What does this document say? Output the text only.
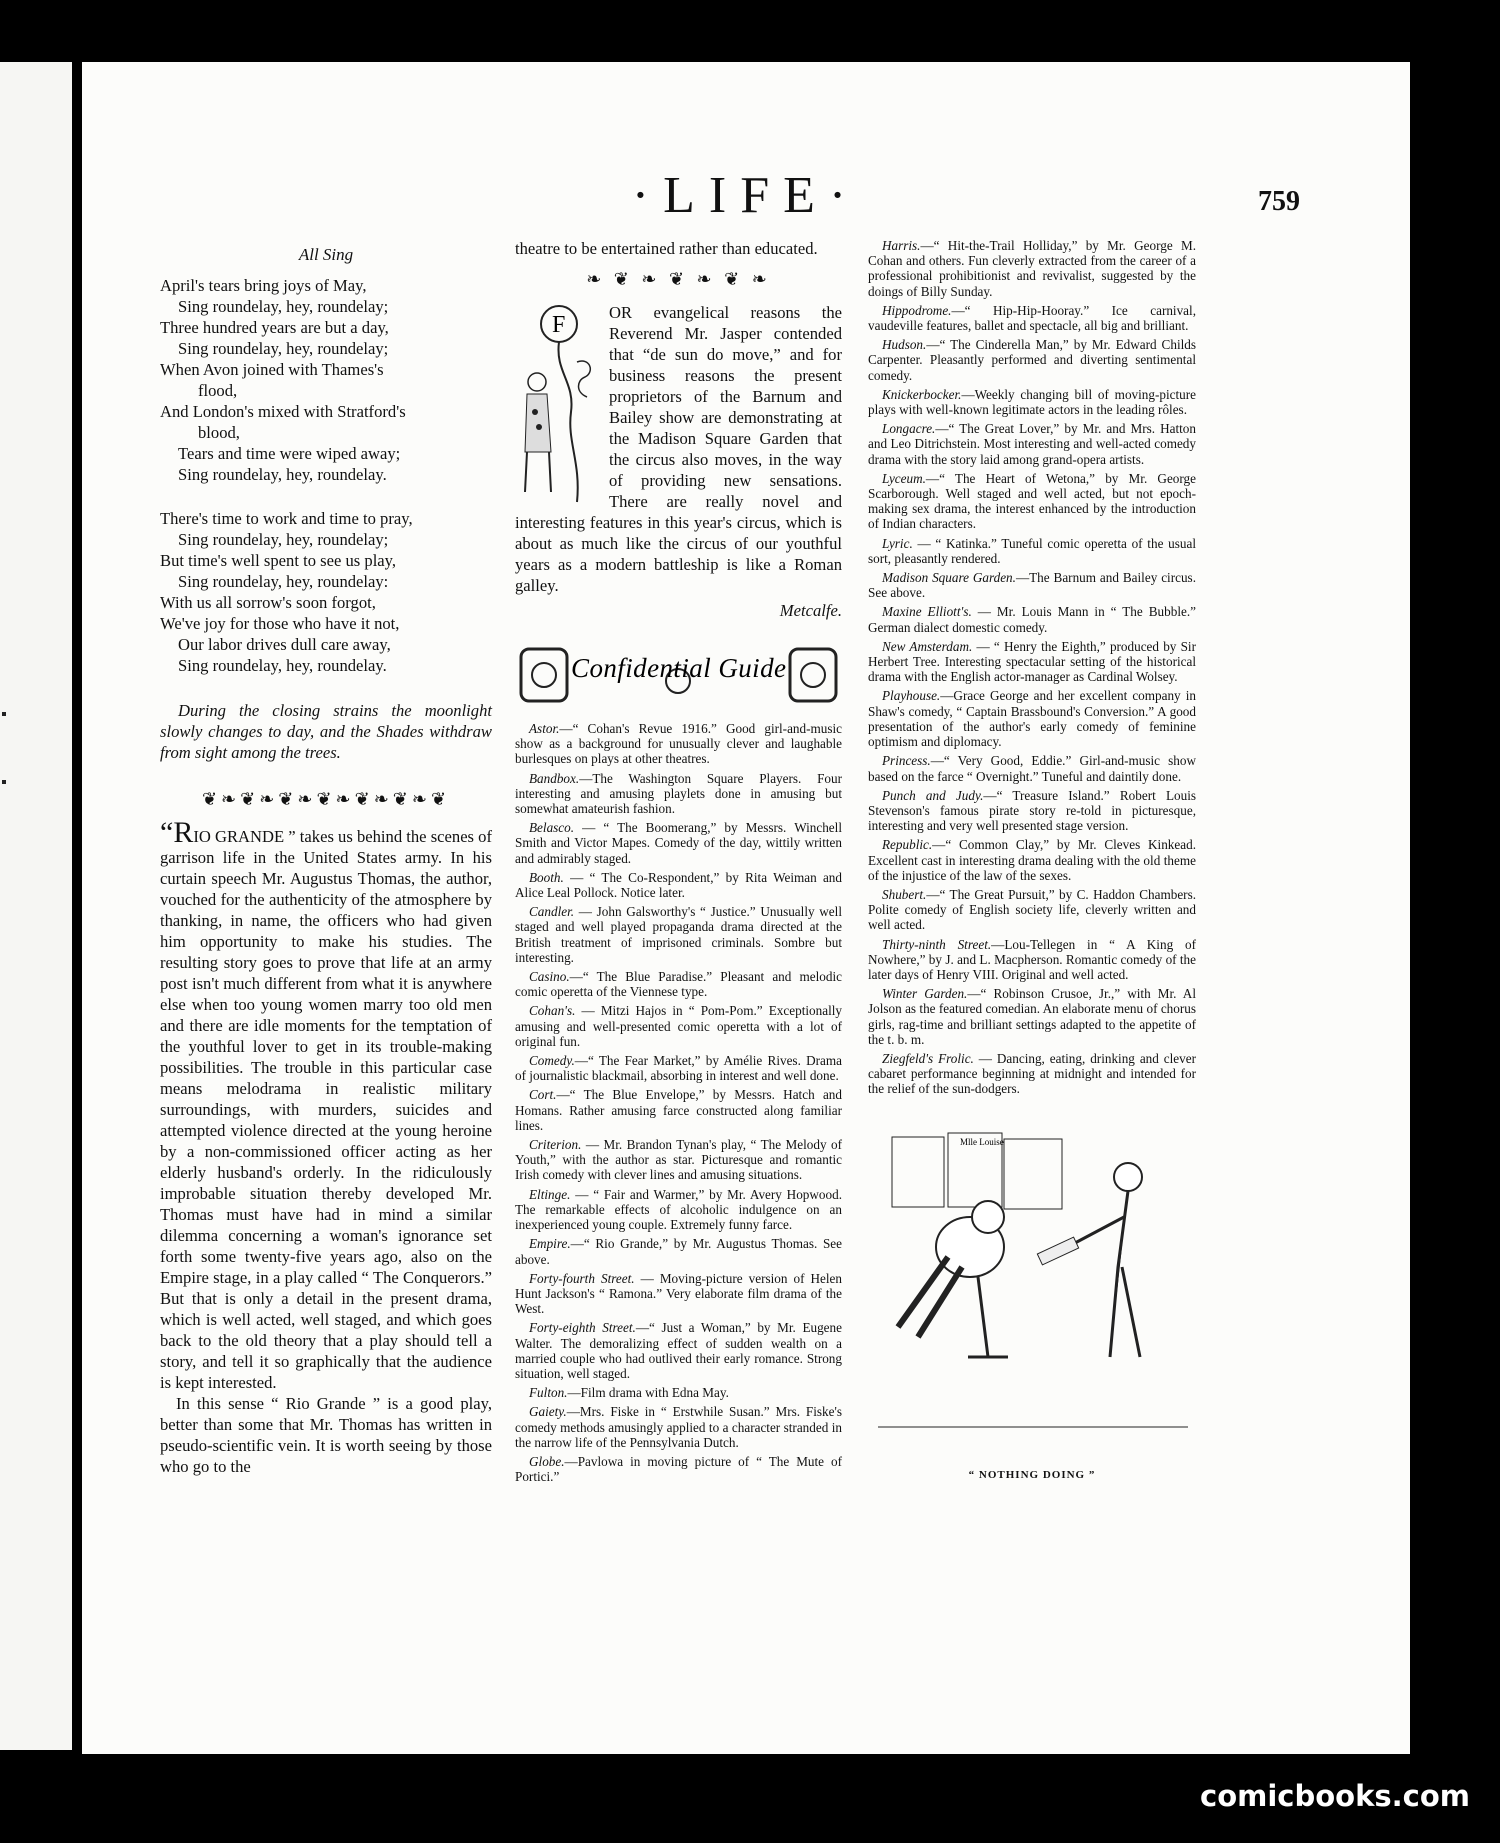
·LIFE·	759
All Sing
April's tears bring joys of May,
Sing roundelay, hey, roundelay;
Three hundred years are but a day,
Sing roundelay, hey, roundelay;
When Avon joined with Thames's
flood,
And London's mixed with Stratford's
blood,
Tears and time were wiped away;
Sing roundelay, hey, roundelay.
There's time to work and time to pray,
Sing roundelay, hey, roundelay;
But time's well spent to see us play,
Sing roundelay, hey, roundelay:
With us all sorrow's soon forgot,
We've joy for those who have it not,
Our labor drives dull care away,
Sing roundelay, hey, roundelay.
During the closing strains the moonlight slowly changes to day, and the Shades withdraw from sight among the trees.
❦❧❦❧❦❧❦❧❦❧❦❧❦

“RIO GRANDE ” takes us behind the scenes of garrison life in the United States army. In his curtain speech Mr. Augustus Thomas, the author, vouched for the authenticity of the atmosphere by thanking, in name, the officers who had given him opportunity to make his studies. The resulting story goes to prove that life at an army post isn't much different from what it is anywhere else when too young women marry too old men and there are idle moments for the temptation of the youthful lover to get in its trouble-making possibilities. The trouble in this particular case means melodrama in realistic military surroundings, with murders, suicides and attempted violence directed at the young heroine by a non-commissioned officer acting as her elderly husband's orderly. In the ridiculously improbable situation thereby developed Mr. Thomas must have had in mind a similar dilemma concerning a woman's ignorance set forth some twenty-five years ago, also on the Empire stage, in a play called “ The Conquerors.” But that is only a detail in the present drama, which is well acted, well staged, and which goes back to the old theory that a play should tell a story, and tell it so graphically that the audience is kept interested.

In this sense “ Rio Grande ” is a good play, better than some that Mr. Thomas has written in pseudo-scientific vein. It is worth seeing by those who go to the

theatre to be entertained rather than educated.
❧ ❦ ❧ ❦ ❧ ❦ ❧
F	OR evangelical reasons the Reverend Mr. Jasper contended that “de sun do move,” and for business reasons the present proprietors of the Barnum and Bailey show are demonstrating at the Madison Square Garden that the circus also moves, in the way of providing new sensations. There are really novel and interesting features in this year's circus, which is about as much like the circus of our youthful years as a modern battleship is like a Roman galley.
Metcalfe.
Confidential Guide

Astor.—“ Cohan's Revue 1916.” Good girl-and-music show as a background for unusually clever and laughable burlesques on plays at other theatres.

Bandbox.—The Washington Square Players. Four interesting and amusing playlets done in amusing but somewhat amateurish fashion.

Belasco. — “ The Boomerang,” by Messrs. Winchell Smith and Victor Mapes. Comedy of the day, wittily written and admirably staged.

Booth. — “ The Co-Respondent,” by Rita Weiman and Alice Leal Pollock. Notice later.

Candler. — John Galsworthy's “ Justice.” Unusually well staged and well played propaganda drama directed at the British treatment of imprisoned criminals. Sombre but interesting.

Casino.—“ The Blue Paradise.” Pleasant and melodic comic operetta of the Viennese type.

Cohan's. — Mitzi Hajos in “ Pom-Pom.” Exceptionally amusing and well-presented comic operetta with a lot of original fun.

Comedy.—“ The Fear Market,” by Amélie Rives. Drama of journalistic blackmail, absorbing in interest and well done.

Cort.—“ The Blue Envelope,” by Messrs. Hatch and Homans. Rather amusing farce constructed along familiar lines.

Criterion. — Mr. Brandon Tynan's play, “ The Melody of Youth,” with the author as star. Picturesque and romantic Irish comedy with clever lines and amusing situations.

Eltinge. — “ Fair and Warmer,” by Mr. Avery Hopwood. The remarkable effects of alcoholic indulgence on an inexperienced young couple. Extremely funny farce.

Empire.—“ Rio Grande,” by Mr. Augustus Thomas. See above.

Forty-fourth Street. — Moving-picture version of Helen Hunt Jackson's “ Ramona.” Very elaborate film drama of the West.

Forty-eighth Street.—“ Just a Woman,” by Mr. Eugene Walter. The demoralizing effect of sudden wealth on a married couple who had outlived their early romance. Strong situation, well staged.

Fulton.—Film drama with Edna May.

Gaiety.—Mrs. Fiske in “ Erstwhile Susan.” Mrs. Fiske's comedy methods amusingly applied to a character stranded in the narrow life of the Pennsylvania Dutch.

Globe.—Pavlowa in moving picture of “ The Mute of Portici.”

Harris.—“ Hit-the-Trail Holliday,” by Mr. George M. Cohan and others. Fun cleverly extracted from the career of a professional prohibitionist and revivalist, suggested by the doings of Billy Sunday.

Hippodrome.—“ Hip-Hip-Hooray.” Ice carnival, vaudeville features, ballet and spectacle, all big and brilliant.

Hudson.—“ The Cinderella Man,” by Mr. Edward Childs Carpenter. Pleasantly performed and diverting sentimental comedy.

Knickerbocker.—Weekly changing bill of moving-picture plays with well-known legitimate actors in the leading rôles.

Longacre.—“ The Great Lover,” by Mr. and Mrs. Hatton and Leo Ditrichstein. Most interesting and well-acted comedy drama with the story laid among grand-opera artists.

Lyceum.—“ The Heart of Wetona,” by Mr. George Scarborough. Well staged and well acted, but not epoch-making sex drama, the interest enhanced by the introduction of Indian characters.

Lyric. — “ Katinka.” Tuneful comic operetta of the usual sort, pleasantly rendered.

Madison Square Garden.—The Barnum and Bailey circus. See above.

Maxine Elliott's. — Mr. Louis Mann in “ The Bubble.” German dialect domestic comedy.

New Amsterdam. — “ Henry the Eighth,” produced by Sir Herbert Tree. Interesting spectacular setting of the historical drama with the English actor-manager as Cardinal Wolsey.

Playhouse.—Grace George and her excellent company in Shaw's comedy, “ Captain Brassbound's Conversion.” A good presentation of the author's early comedy of feminine optimism and diplomacy.

Princess.—“ Very Good, Eddie.” Girl-and-music show based on the farce “ Overnight.” Tuneful and daintily done.

Punch and Judy.—“ Treasure Island.” Robert Louis Stevenson's famous pirate story re-told in picturesque, interesting and very well presented stage version.

Republic.—“ Common Clay,” by Mr. Cleves Kinkead. Excellent cast in interesting drama dealing with the old theme of the injustice of the law of the sexes.

Shubert.—“ The Great Pursuit,” by C. Haddon Chambers. Polite comedy of English society life, cleverly written and well acted.

Thirty-ninth Street.—Lou-Tellegen in “ A King of Nowhere,” by J. and L. Macpherson. Romantic comedy of the later days of Henry VIII. Original and well acted.

Winter Garden.—“ Robinson Crusoe, Jr.,” with Mr. Al Jolson as the featured comedian. An elaborate menu of chorus girls, rag-time and brilliant settings adapted to the appetite of the t. b. m.

Ziegfeld's Frolic. — Dancing, eating, drinking and clever cabaret performance beginning at midnight and intended for the relief of the sun-dodgers.

Mlle Louise
“ NOTHING DOING ”
comicbooks.com
